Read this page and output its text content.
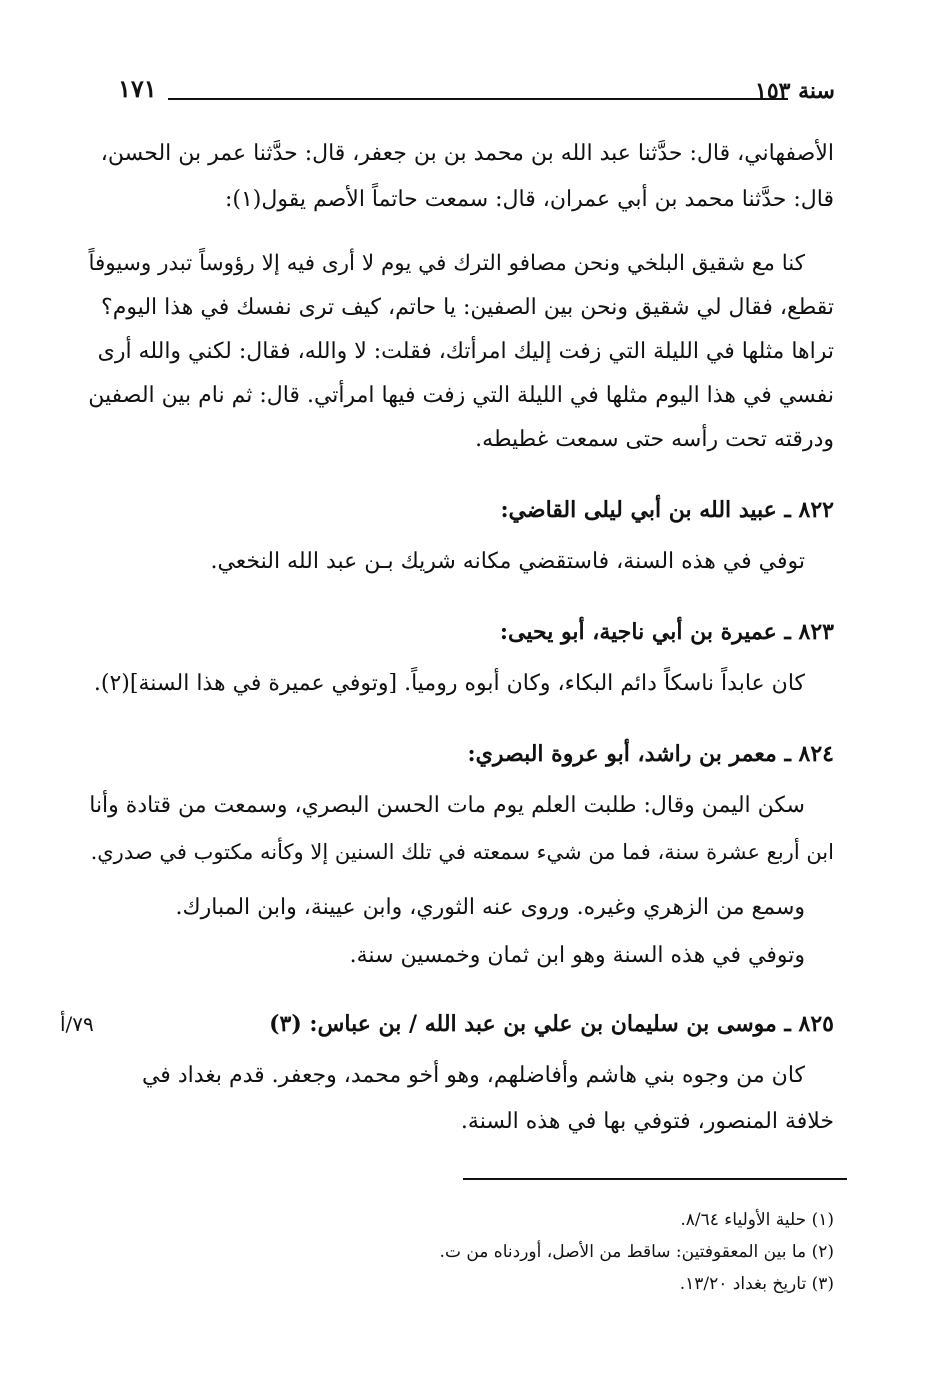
١٧١	سنة ١٥٣
الأصفهاني، قال: حدَّثنا عبد الله بن محمد بن بن جعفر، قال: حدَّثنا عمر بن الحسن،
قال: حدَّثنا محمد بن أبي عمران، قال: سمعت حاتماً الأصم يقول(١):
كنا مع شقيق البلخي ونحن مصافو الترك في يوم لا أرى فيه إلا رؤوساً تبدر وسيوفاً
تقطع، فقال لي شقيق ونحن بين الصفين: يا حاتم، كيف ترى نفسك في هذا اليوم؟
تراها مثلها في الليلة التي زفت إليك امرأتك، فقلت: لا والله، فقال: لكني والله أرى
نفسي في هذا اليوم مثلها في الليلة التي زفت فيها امرأتي. قال: ثم نام بين الصفين
ودرقته تحت رأسه حتى سمعت غطيطه.
٨٢٢ ـ عبيد الله بن أبي ليلى القاضي:
توفي في هذه السنة، فاستقضي مكانه شريك بـن عبد الله النخعي.
٨٢٣ ـ عميرة بن أبي ناجية، أبو يحيى:
كان عابداً ناسكاً دائم البكاء، وكان أبوه رومياً. [وتوفي عميرة في هذا السنة](٢).
٨٢٤ ـ معمر بن راشد، أبو عروة البصري:
سكن اليمن وقال: طلبت العلم يوم مات الحسن البصري، وسمعت من قتادة وأنا
ابن أربع عشرة سنة، فما من شيء سمعته في تلك السنين إلا وكأنه مكتوب في صدري.
وسمع من الزهري وغيره. وروى عنه الثوري، وابن عيينة، وابن المبارك.
وتوفي في هذه السنة وهو ابن ثمان وخمسين سنة.
٨٢٥ ـ موسى بن سليمان بن علي بن عبد الله / بن عباس: (٣)
٧٩/أ
كان من وجوه بني هاشم وأفاضلهم، وهو أخو محمد، وجعفر. قدم بغداد في
خلافة المنصور، فتوفي بها في هذه السنة.
(١) حلية الأولياء ٨/٦٤.
(٢) ما بين المعقوفتين: ساقط من الأصل، أوردناه من ت.
(٣) تاريخ بغداد ١٣/٢٠.
